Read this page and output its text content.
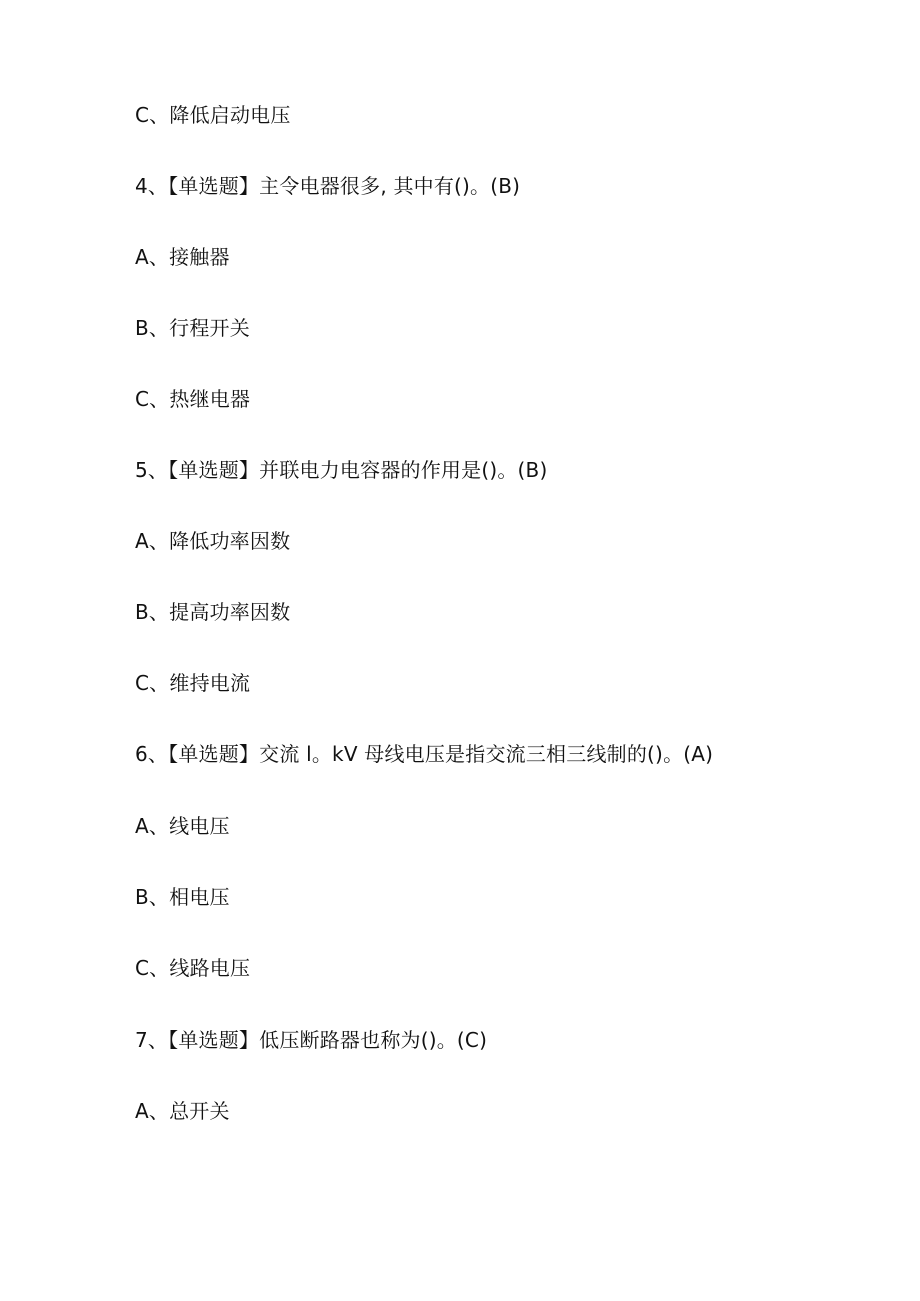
C、降低启动电压
4、【单选题】主令电器很多, 其中有()。(B)
A、接触器
B、行程开关
C、热继电器
5、【单选题】并联电力电容器的作用是()。(B)
A、降低功率因数
B、提高功率因数
C、维持电流
6、【单选题】交流 l。kV 母线电压是指交流三相三线制的()。(A)
A、线电压
B、相电压
C、线路电压
7、【单选题】低压断路器也称为()。(C)
A、总开关
